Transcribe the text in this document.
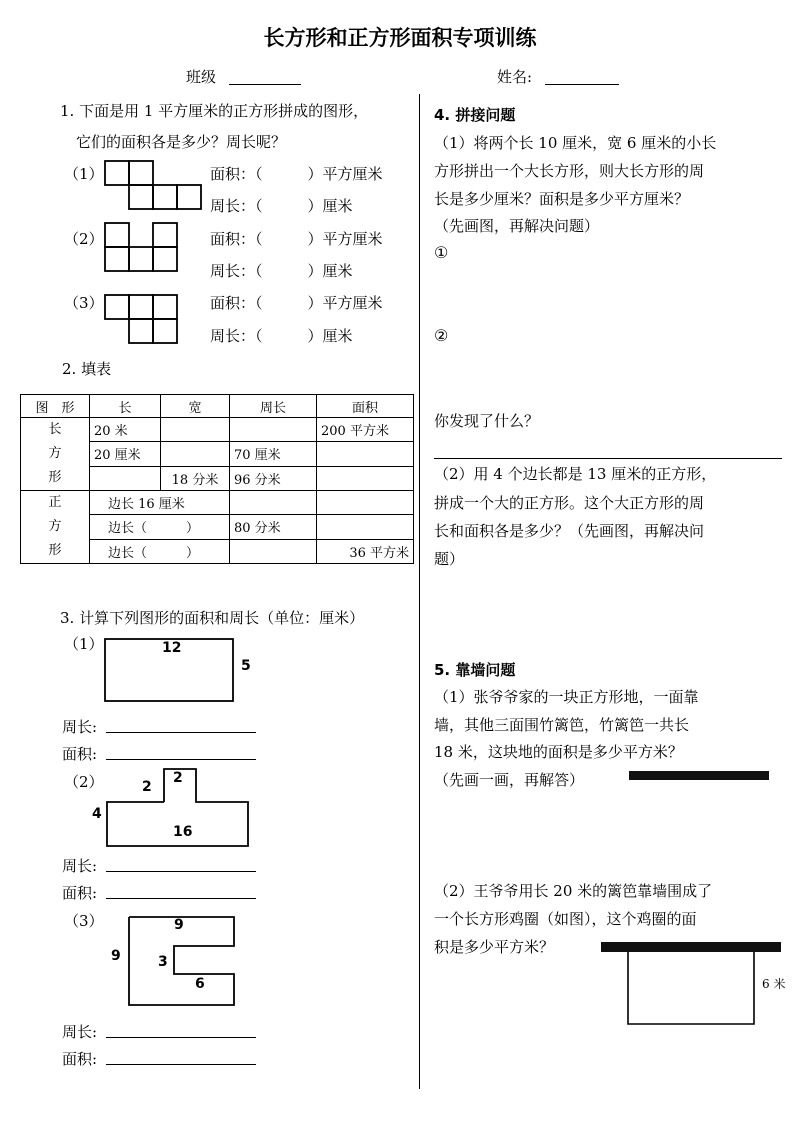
长方形和正方形面积专项训练
班级	姓名:
1. 下面是用 1 平方厘米的正方形拼成的图形，
它们的面积各是多少？周长呢？
（1）	面积：（　　　）平方厘米
周长：（　　　）厘米
（2）	面积：（　　　）平方厘米
周长：（　　　）厘米
（3）	面积：（　　　）平方厘米
周长：（　　　）厘米
2. 填表
图　形	长	宽	周长	面积
长
方
形	20 米			200 平方米
	20 厘米		70 厘米	
		18 分米	96 分米	
正
方
形	边长 16 厘米			
	边长（　　　）		80 分米	
	边长（　　　）			36 平方米
3. 计算下列图形的面积和周长（单位：厘米）
（1）	12
5
周长:
面积:
（2）	2
2
4
16
周长:
面积:
（3）	9
9	3
6
周长:
面积:
4. 拼接问题
（1）将两个长 10 厘米，宽 6 厘米的小长
方形拼出一个大长方形，则大长方形的周
长是多少厘米？面积是多少平方厘米？
（先画图，再解决问题）
①
②
你发现了什么？
（2）用 4 个边长都是 13 厘米的正方形，
拼成一个大的正方形。这个大正方形的周
长和面积各是多少？（先画图，再解决问
题）
5. 靠墙问题
（1）张爷爷家的一块正方形地，一面靠
墙，其他三面围竹篱笆，竹篱笆一共长
18 米，这块地的面积是多少平方米？
（先画一画，再解答）
（2）王爷爷用长 20 米的篱笆靠墙围成了
一个长方形鸡圈（如图），这个鸡圈的面
积是多少平方米？
6 米
